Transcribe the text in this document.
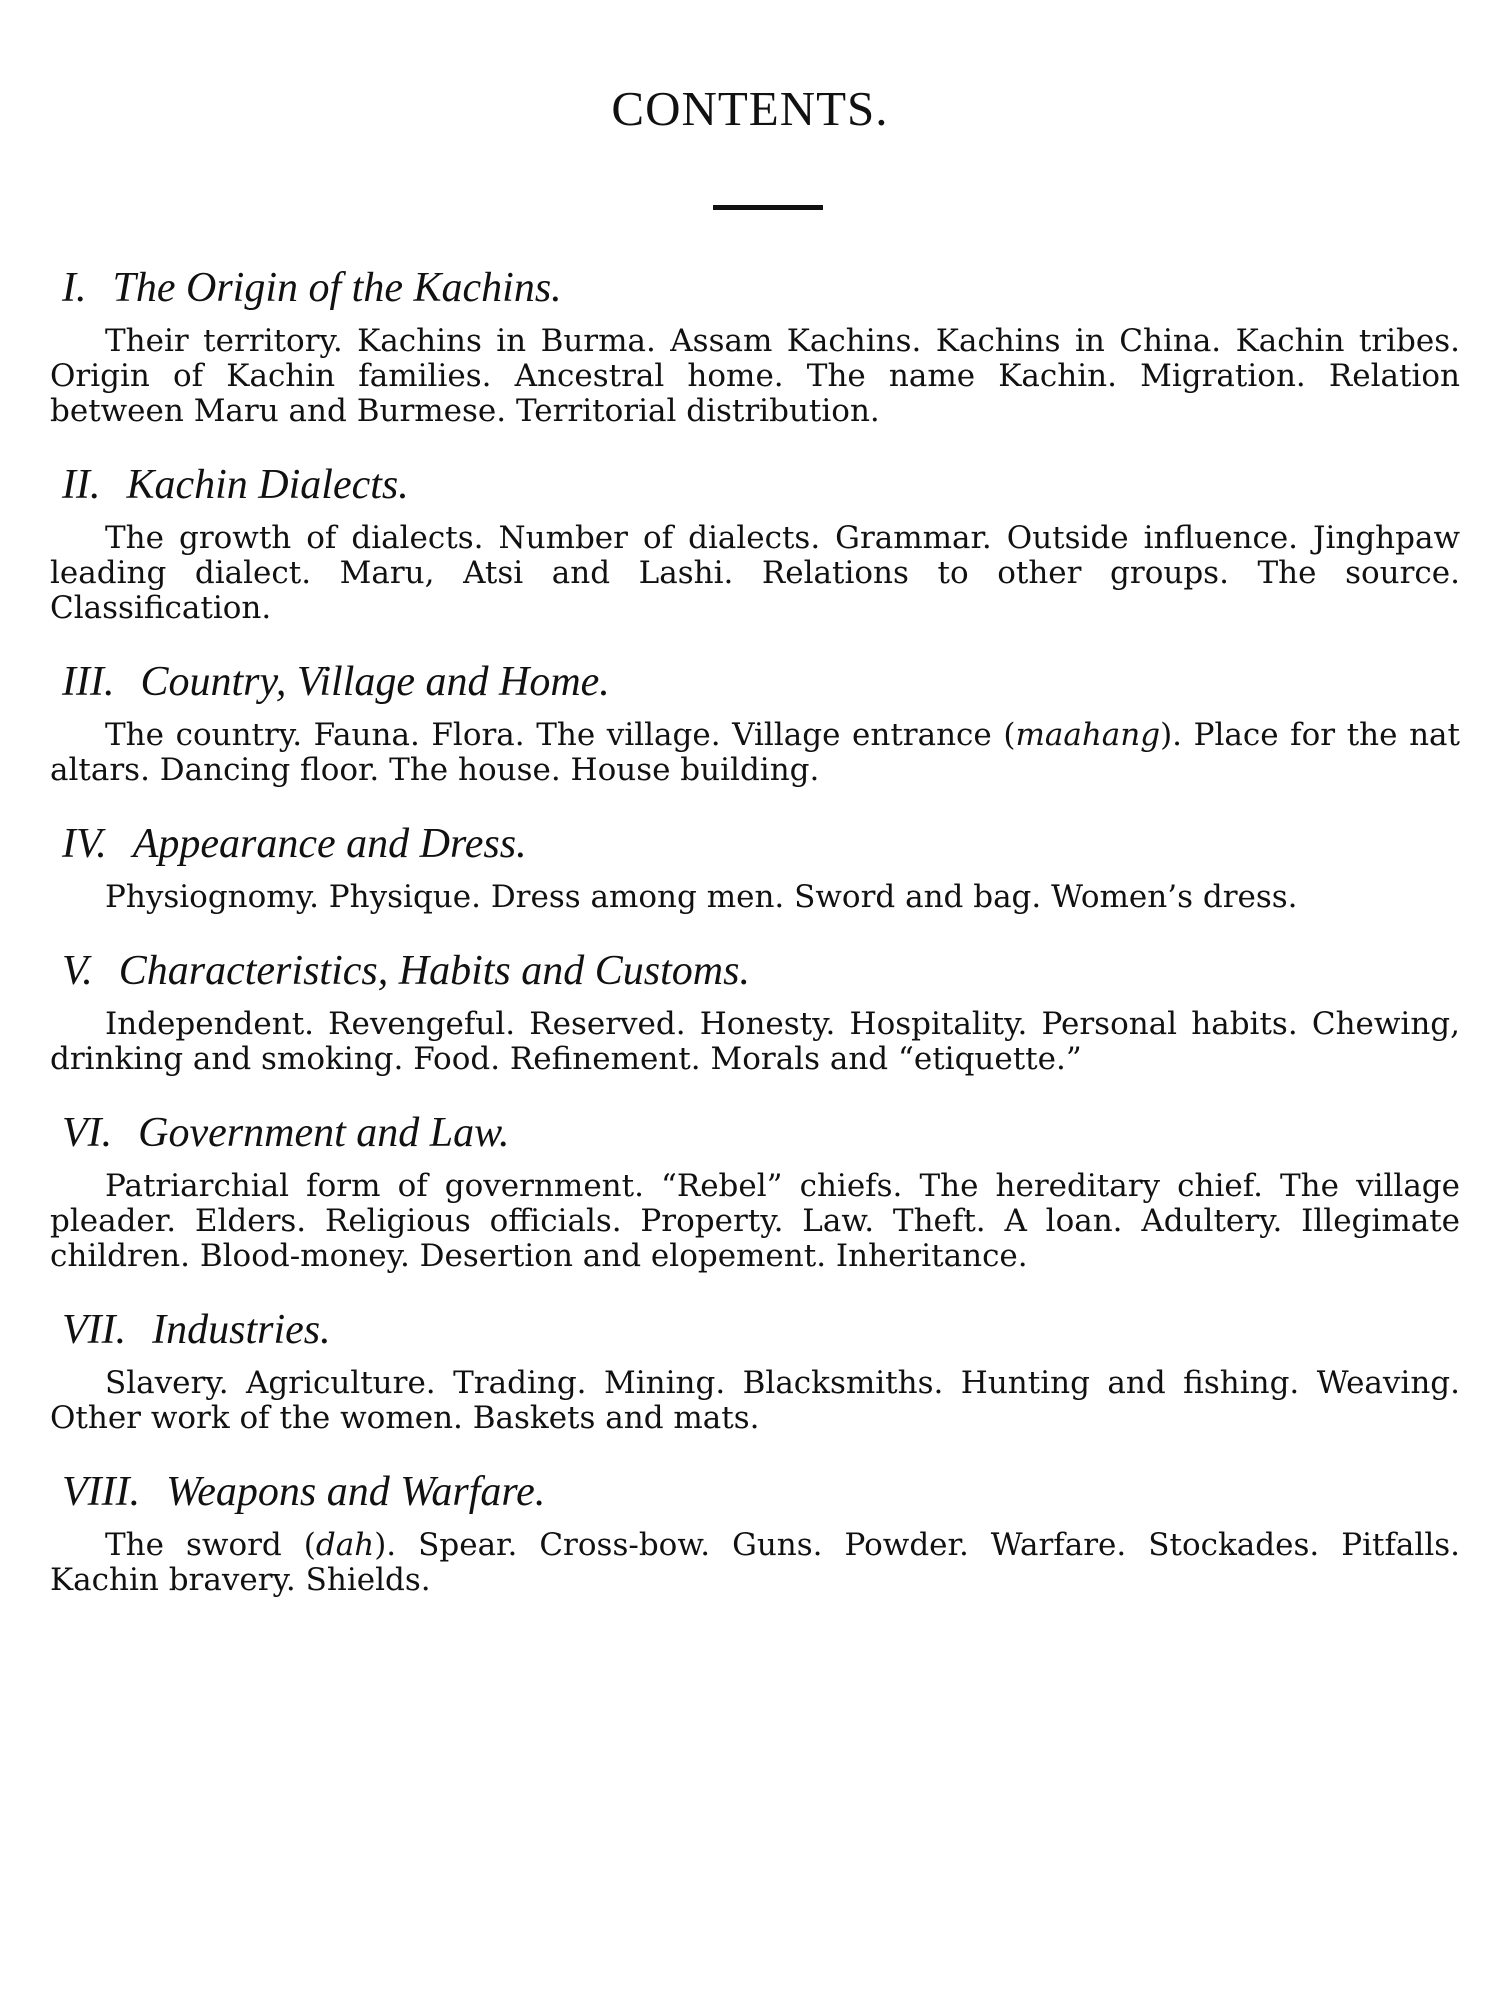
CONTENTS.
I. The Origin of the Kachins.

Their territory. Kachins in Burma. Assam Kachins. Kachins in China. Kachin tribes. Origin of Kachin families. Ancestral home. The name Kachin. Migration. Relation between Maru and Burmese. Territorial distribution.

II. Kachin Dialects.

The growth of dialects. Number of dialects. Grammar. Outside influence. Jinghpaw leading dialect. Maru, Atsi and Lashi. Relations to other groups. The source. Classification.

III. Country, Village and Home.

The country. Fauna. Flora. The village. Village entrance (maahang). Place for the nat altars. Dancing floor. The house. House building.

IV. Appearance and Dress.

Physiognomy. Physique. Dress among men. Sword and bag. Women’s dress.

V. Characteristics, Habits and Customs.

Independent. Revengeful. Reserved. Honesty. Hospitality. Personal habits. Chewing, drinking and smoking. Food. Refinement. Morals and “etiquette.”

VI. Government and Law.

Patriarchial form of government. “Rebel” chiefs. The hereditary chief. The village pleader. Elders. Religious officials. Property. Law. Theft. A loan. Adultery. Illegimate children. Blood-money. Desertion and elopement. Inheritance.

VII. Industries.

Slavery. Agriculture. Trading. Mining. Blacksmiths. Hunting and fishing. Weaving. Other work of the women. Baskets and mats.

VIII. Weapons and Warfare.

The sword (dah). Spear. Cross-bow. Guns. Powder. Warfare. Stockades. Pitfalls. Kachin bravery. Shields.
